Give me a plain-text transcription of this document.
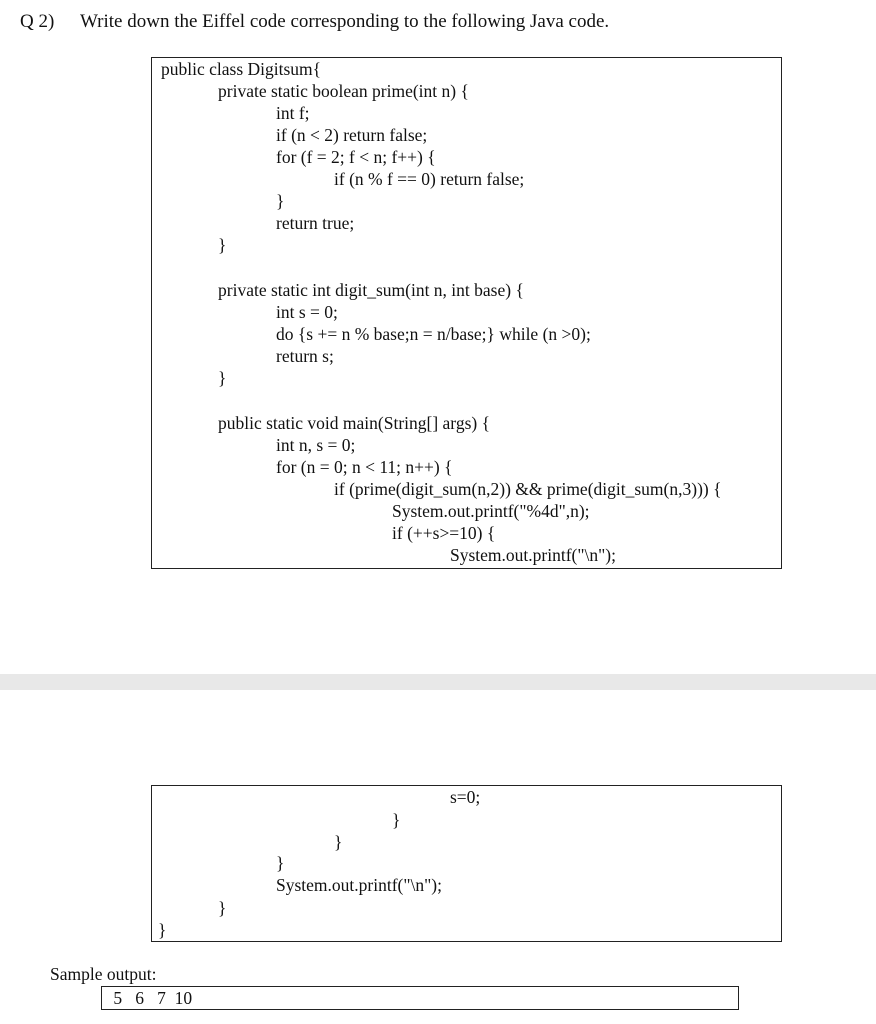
Q 2) Write down the Eiffel code corresponding to the following Java code.
public class Digitsum{
private static boolean prime(int n) {
int f;
if (n < 2) return false;
for (f = 2; f < n; f++) {
if (n % f == 0) return false;
}
return true;
}
private static int digit_sum(int n, int base) {
int s = 0;
do {s += n % base;n = n/base;} while (n >0);
return s;
}
public static void main(String[] args) {
int n, s = 0;
for (n = 0; n < 11; n++) {
if (prime(digit_sum(n,2)) && prime(digit_sum(n,3))) {
System.out.printf("%4d",n);
if (++s>=10) {
System.out.printf("\n");
s=0;
}
}
}
System.out.printf("\n");
}
}
Sample output:
5   6   7  10
